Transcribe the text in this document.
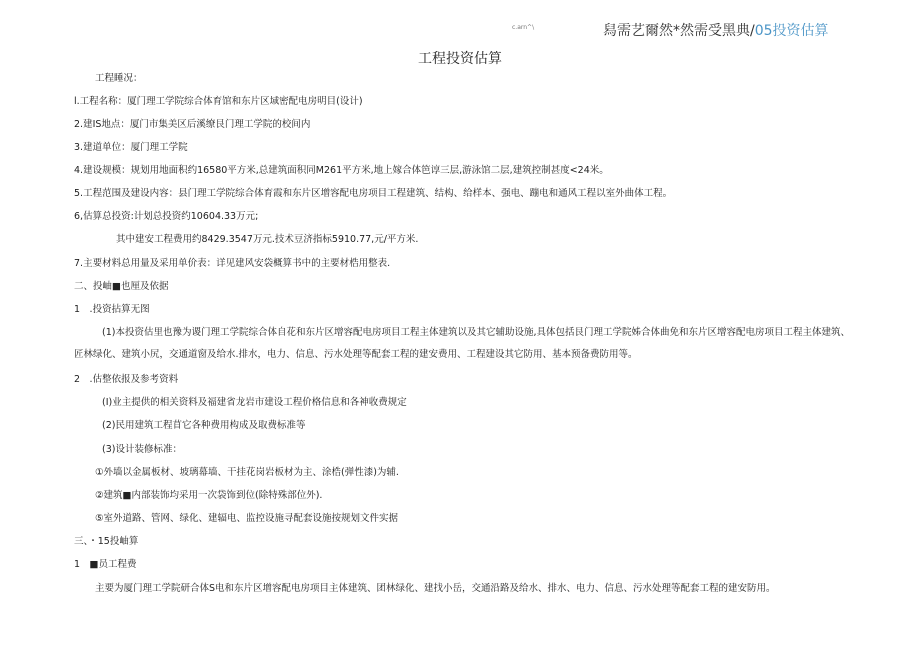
c.arn^\	舄需艺爾然*然需受黑典/05投资估算
工程投资估算
工程睡况：
l.工程名称：厦门理工学院综合体育馆和东片区域密配电房明目(设计)
2.建IS地点：厦门市集美区后溪缭艮门理工学院的校间内
3.建道单位：厦门理工学院
4.建设规模：规划用地面积约16580平方米,总建筑面积同M261平方米,地上嫁合体笆谆三层,游泳馆二层,建筑控制甚度<24米。
5.工程范围及建设内容：县门理工学院综合体育霞和东片区增容配电房项目工程建筑、结构、给样本、强电、蹦电和通风工程以室外曲体工程。
6,估算总投资:计划总投资约10604.33万元;
其中建安工程费用约8429.3547万元.技术豆济指标5910.77,元/平方米.
7.主要材料总用量及采用单价表：详见建风安袋概算书中的主要材梏用整表.
二、投岫■也厘及依据
1　.投资拈算无图
(1)本投资估里也豫为谡门理工学院综合体自花和东片区增容配电房项目工程主体建筑以及其它辅助设施,具体包括艮门理工学院姊合体曲免和东片区增容配电房项目工程主体建筑、匠林绿化、建筑小尻，交通道窗及给水.排水，电力、信息、污水处理等配套工程的建安费用、工程建设其它防用、基本预备费防用等。
2　.估整依报及参考资料
(I)业主提供的相关资料及福建省龙岩市建设工程价格信息和各神收费规定
(2)民用建筑工程苜它各种费用构成及取费标准等
(3)设计装修标准：
①外墙以金属板材、坡璃幕墙、干挂花岗岩板材为主、涂梏(弹性漆)为辅.
②建筑■内部装饰均采用一次袋饰到位(除特殊部位外).
⑤室外道路、管网、绿化、建辐电、监控设施寻配套设施按规划文件实据
三、・15投岫算
1　■员工程费
主要为厦门理工学院研合体S电和东片区增容配电房项目主体建筑、团林绿化、建找小岳，交通沿路及给水、排水、电力、信息、污水处理等配套工程的建安防用。
